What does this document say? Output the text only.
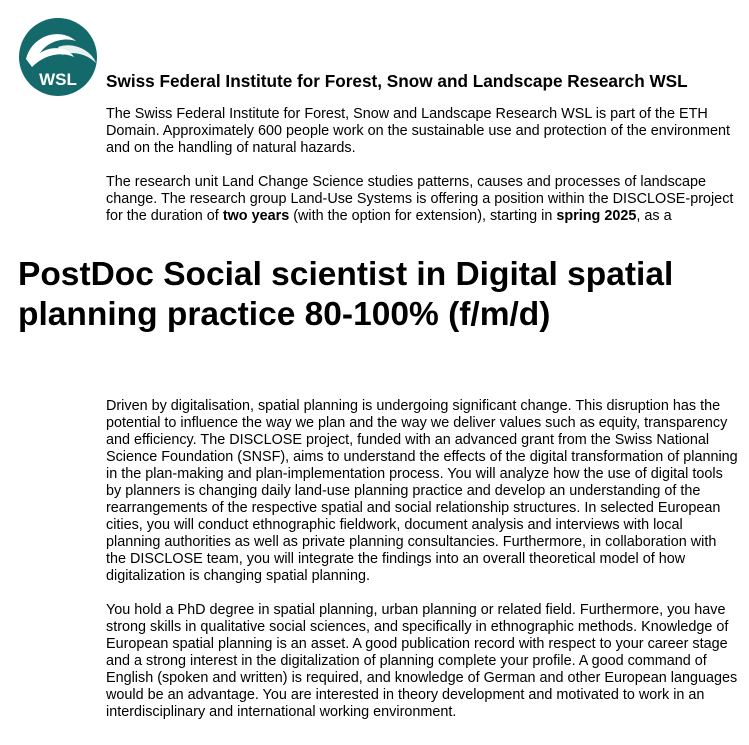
WSL Swiss Federal Institute for Forest, Snow and Landscape Research WSL

The Swiss Federal Institute for Forest, Snow and Landscape Research WSL is part of the ETH Domain. Approximately 600 people work on the sustainable use and protection of the environment and on the handling of natural hazards.

The research unit Land Change Science studies patterns, causes and processes of landscape change. The research group Land-Use Systems is offering a position within the DISCLOSE-project for the duration of two years (with the option for extension), starting in spring 2025, as a

PostDoc Social scientist in Digital spatial planning practice 80-100% (f/m/d)

Driven by digitalisation, spatial planning is undergoing significant change. This disruption has the potential to influence the way we plan and the way we deliver values such as equity, transparency and efficiency. The DISCLOSE project, funded with an advanced grant from the Swiss National Science Foundation (SNSF), aims to understand the effects of the digital transformation of planning in the plan-making and plan-implementation process. You will analyze how the use of digital tools by planners is changing daily land-use planning practice and develop an understanding of the rearrangements of the respective spatial and social relationship structures. In selected European cities, you will conduct ethnographic fieldwork, document analysis and interviews with local planning authorities as well as private planning consultancies. Furthermore, in collaboration with the DISCLOSE team, you will integrate the findings into an overall theoretical model of how digitalization is changing spatial planning.

You hold a PhD degree in spatial planning, urban planning or related field. Furthermore, you have strong skills in qualitative social sciences, and specifically in ethnographic methods. Knowledge of European spatial planning is an asset. A good publication record with respect to your career stage and a strong interest in the digitalization of planning complete your profile. A good command of English (spoken and written) is required, and knowledge of German and other European languages would be an advantage. You are interested in theory development and motivated to work in an interdisciplinary and international working environment.
